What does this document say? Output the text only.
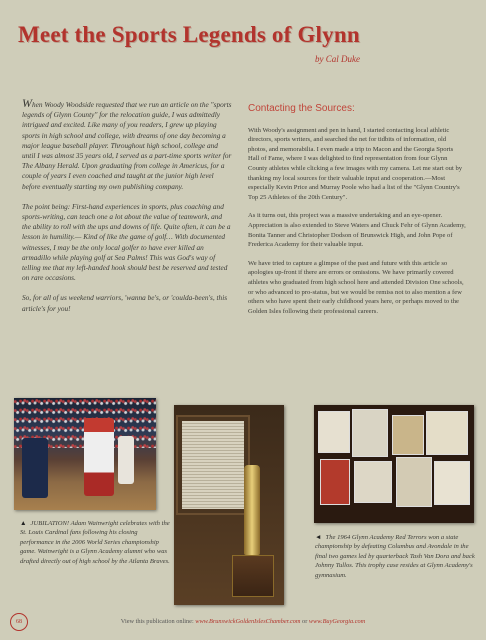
Meet the Sports Legends of Glynn
by Cal Duke

When Woody Woodside requested that we run an article on the "sports legends of Glynn County" for the relocation guide, I was admittedly intrigued and excited. Like many of you readers, I grew up playing sports in high school and college, with dreams of one day becoming a major league baseball player. Throughout high school, college and until I was almost 35 years old, I served as a part-time sports writer for The Albany Herald. Upon graduating from college in Americus, for a couple of years I even coached and taught at the junior high level before eventually starting my own publishing company.

The point being: First-hand experiences in sports, plus coaching and sports-writing, can teach one a lot about the value of teamwork, and the ability to roll with the ups and downs of life. Quite often, it can be a lesson in humility.— Kind of like the game of golf… With documented witnesses, I may be the only local golfer to have ever killed an armadillo while playing golf at Sea Palms! This was God's way of telling me that my left-handed hook should best be reserved and tested on rare occasions.

So, for all of us weekend warriors, 'wanna be's, or 'coulda-been's, this article's for you!

Contacting the Sources:

With Woody's assignment and pen in hand, I started contacting local athletic directors, sports writers, and searched the net for tidbits of information, old photos, and memorabilia. I even made a trip to Macon and the Georgia Sports Hall of Fame, where I was delighted to find representation from four Glynn County athletes while clicking a few images with my camera. Let me start out by thanking my local sources for their valuable input and cooperation.—Most especially Kevin Price and Murray Poole who had a list of the "Glynn Country's Top 25 Athletes of the 20th Century".

As it turns out, this project was a massive undertaking and an eye-opener. Appreciation is also extended to Steve Waters and Chuck Fehr of Glynn Academy, Bonita Tanner and Christopher Dodson of Brunswick High, and John Pope of Frederica Academy for their valuable input.

We have tried to capture a glimpse of the past and future with this article so apologies up-front if there are errors or omissions. We have primarily covered athletes who graduated from high school here and attended Division One schools, or who advanced to pro-status, but we would be remiss not to also mention a few others who have spent their early childhood years here, or perhaps moved to the Golden Isles following their professional careers.

▲ JUBILATION! Adam Wainwright celebrates with the St. Louis Cardinal fans following his closing performance in the 2006 World Series championship game. Wainwright is a Glynn Academy alumni who was drafted directly out of high school by the Atlanta Braves.
◄ The 1964 Glynn Academy Red Terrors won a state championship by defeating Columbus and Avondale in the final two games led by quarterback Tash Van Dora and back Johnny Tullos. This trophy case resides at Glynn Academy's gymnasium.
68	View this publication online: www.BrunswickGoldenIslesChamber.com or www.BuyGeorgia.com
